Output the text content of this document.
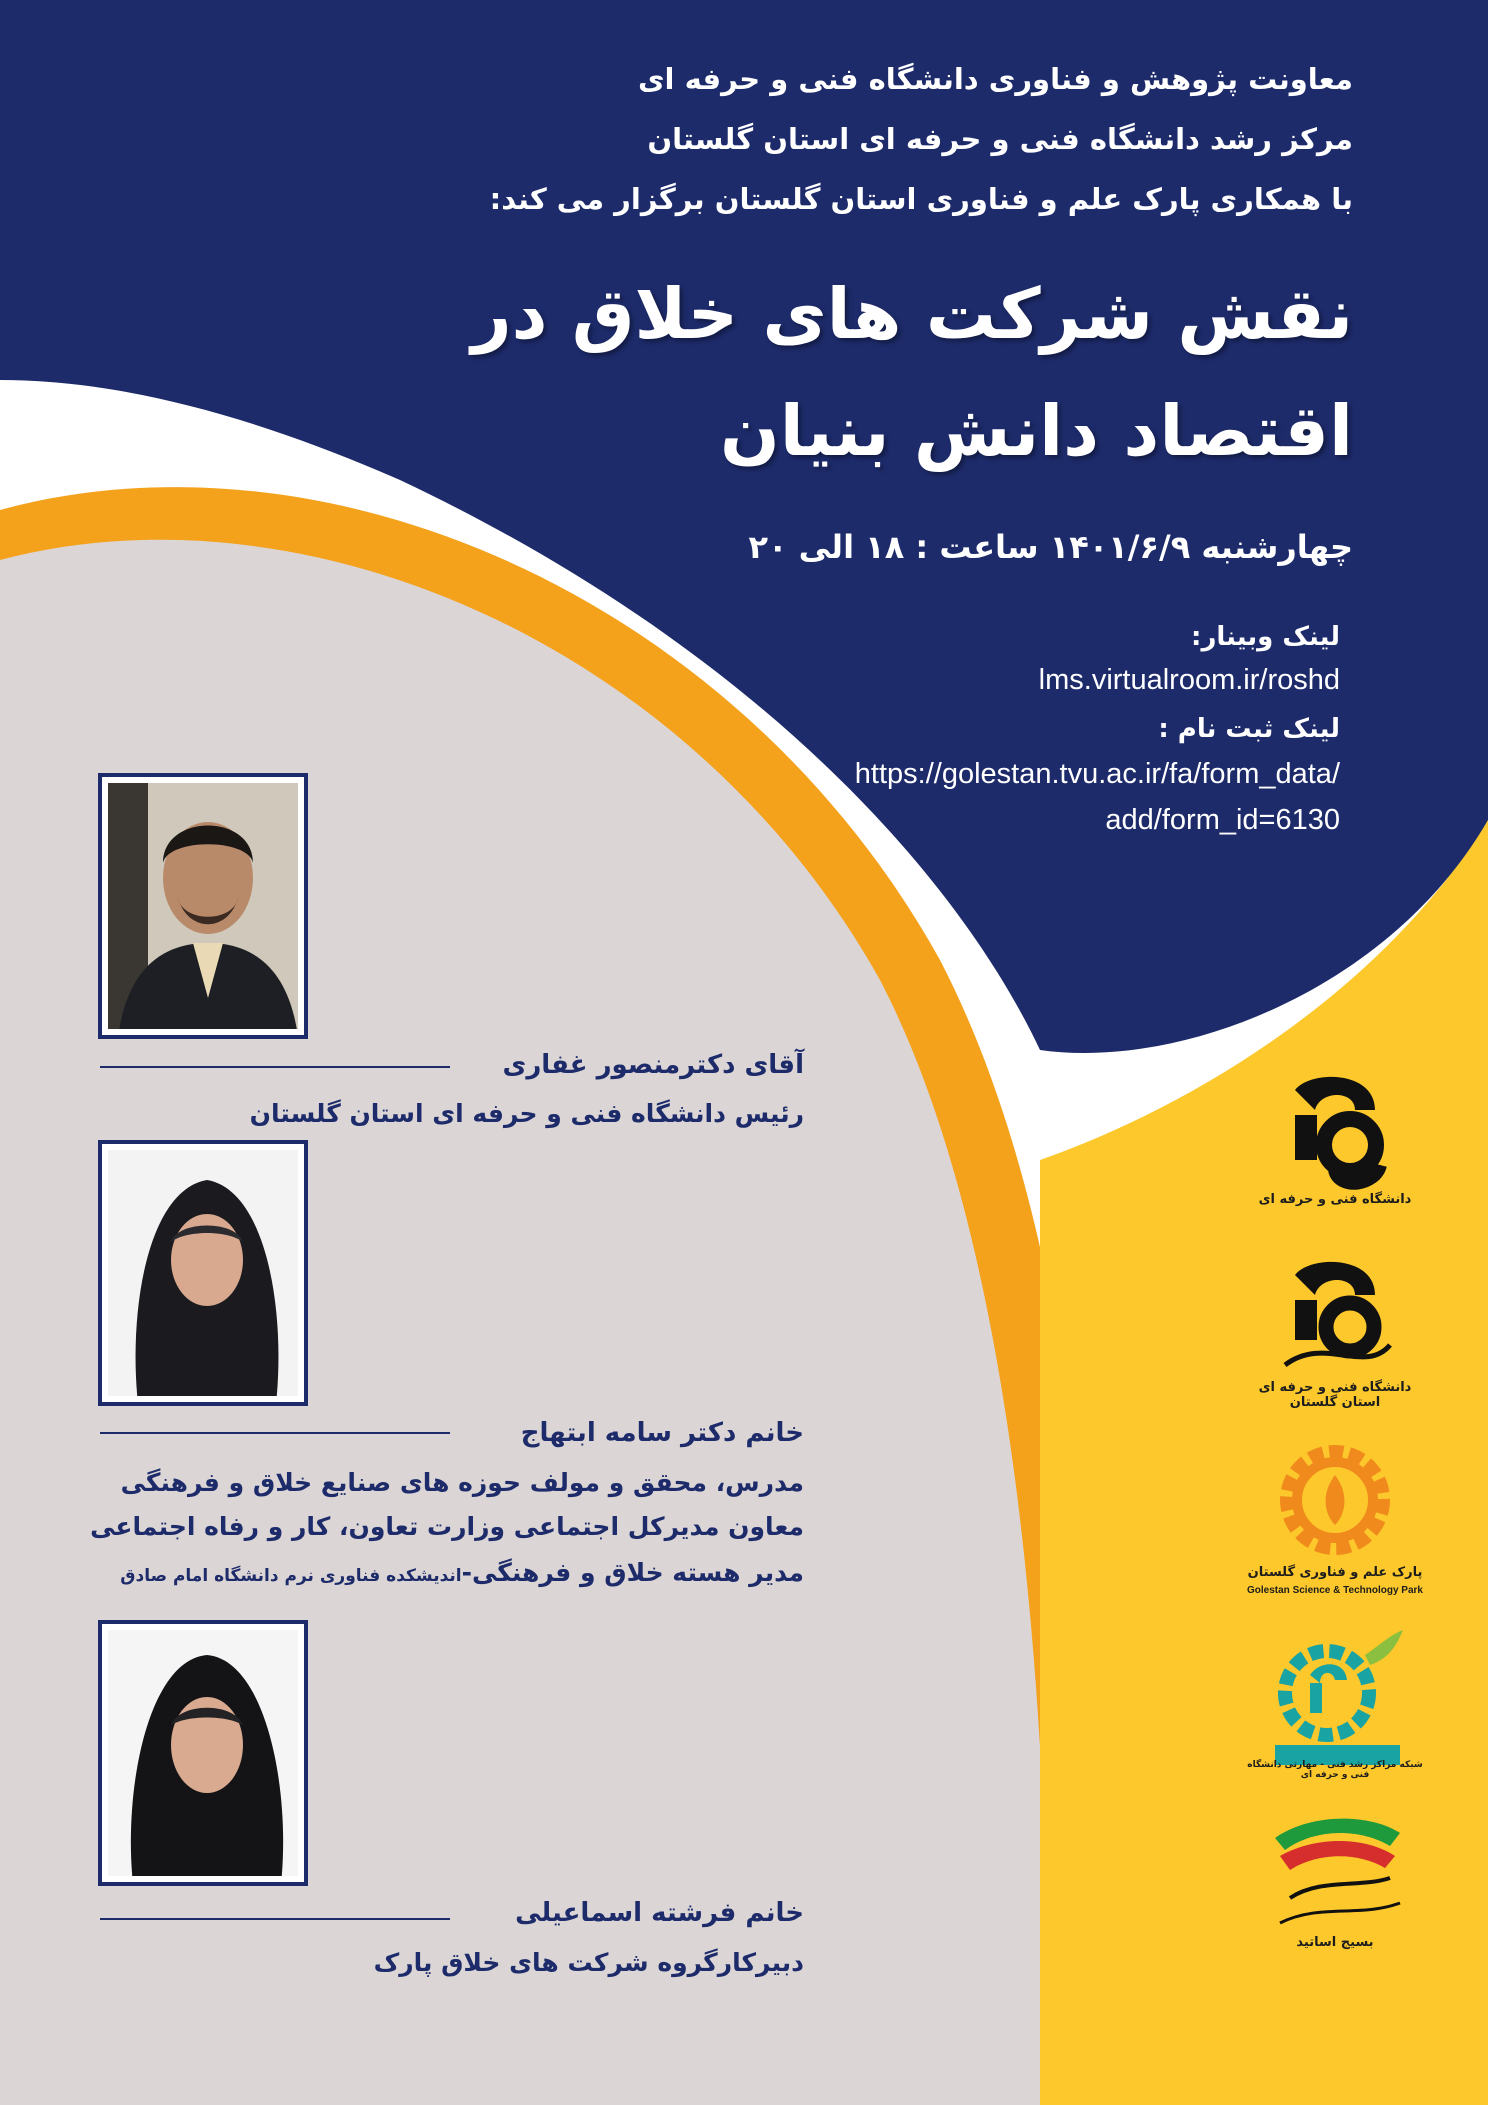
معاونت پژوهش و فناوری دانشگاه فنی و حرفه ای
مرکز رشد دانشگاه فنی و حرفه ای استان گلستان
با همکاری پارک علم و فناوری استان گلستان برگزار می کند:
نقش شرکت های خلاق در
اقتصاد دانش بنیان
چهارشنبه ۱۴۰۱/۶/۹ ساعت : ۱۸ الی ۲۰
لینک وبینار:
lms.virtualroom.ir/roshd
لینک ثبت نام :
https://golestan.tvu.ac.ir/fa/form_data/
add/form_id=6130
آقای دکترمنصور غفاری
رئیس دانشگاه فنی و حرفه ای استان گلستان
خانم دکتر سامه ابتهاج
مدرس، محقق و مولف حوزه های صنایع خلاق و فرهنگی
معاون مدیرکل اجتماعی وزارت تعاون، کار و رفاه اجتماعی
مدیر هسته خلاق و فرهنگی-اندیشکده فناوری نرم دانشگاه امام صادق
خانم فرشته اسماعیلی
دبیرکارگروه شرکت های خلاق پارک
دانشگاه فنی و حرفه ای
دانشگاه فنی و حرفه ای استان گلستان
پارک علم و فناوری گلستان
Golestan Science & Technology Park
شبکه مراکز رشد فنی - مهارتی دانشگاه فنی و حرفه ای
بسیج اساتید
